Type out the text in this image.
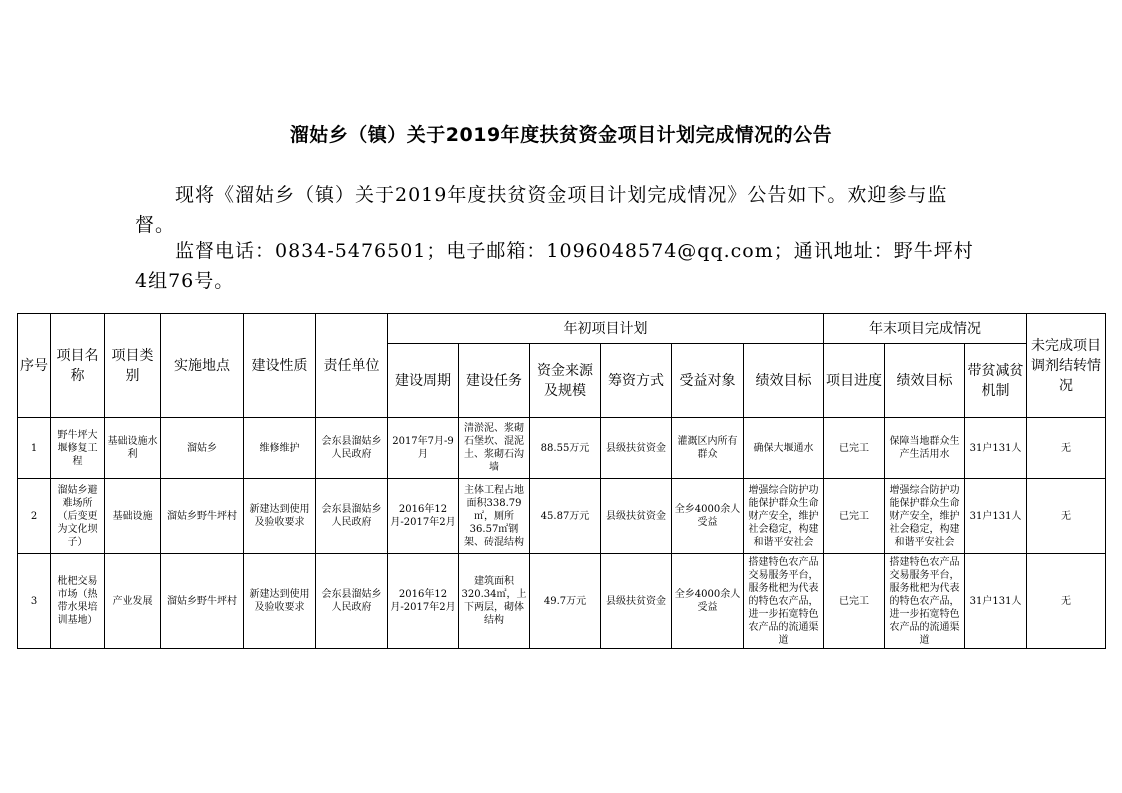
溜姑乡（镇）关于2019年度扶贫资金项目计划完成情况的公告
现将《溜姑乡（镇）关于2019年度扶贫资金项目计划完成情况》公告如下。欢迎参与监督。
监督电话：0834-5476501；电子邮箱：1096048574@qq.com；通讯地址：野牛坪村4组76号。
序号	项目名称	项目类别	实施地点	建设性质	责任单位	年初项目计划						年末项目完成情况			未完成项目调剂结转情况
						建设周期	建设任务	资金来源及规模	筹资方式	受益对象	绩效目标	项目进度	绩效目标	带贫减贫机制	
1	野牛坪大堰修复工程	基础设施水利	溜姑乡	维修维护	会东县溜姑乡人民政府	2017年7月-9月	清淤泥、浆砌石堡坎、混泥土、浆砌石沟墙	88.55万元	县级扶贫资金	灌溉区内所有群众	确保大堰通水	已完工	保障当地群众生产生活用水	31户131人	无
2	溜姑乡避难场所（后变更为文化坝子）	基础设施	溜姑乡野牛坪村	新建达到使用及验收要求	会东县溜姑乡人民政府	2016年12月-2017年2月	主体工程占地面积338.79㎡，厕所36.57㎡钢架、砖混结构	45.87万元	县级扶贫资金	全乡4000余人受益	增强综合防护功能保护群众生命财产安全，维护社会稳定，构建和谐平安社会	已完工	增强综合防护功能保护群众生命财产安全，维护社会稳定，构建和谐平安社会	31户131人	无
3	枇杷交易市场（热带水果培训基地）	产业发展	溜姑乡野牛坪村	新建达到使用及验收要求	会东县溜姑乡人民政府	2016年12月-2017年2月	建筑面积320.34㎡，上下两层，砌体结构	49.7万元	县级扶贫资金	全乡4000余人受益	搭建特色农产品交易服务平台，服务枇杷为代表的特色农产品，进一步拓宽特色农产品的流通渠道	已完工	搭建特色农产品交易服务平台，服务枇杷为代表的特色农产品，进一步拓宽特色农产品的流通渠道	31户131人	无
